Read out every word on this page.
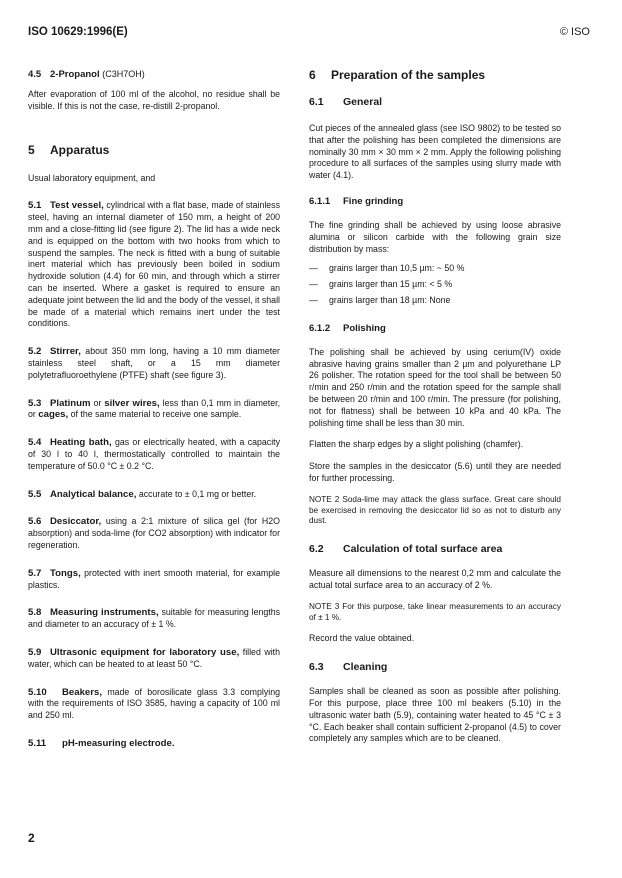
ISO 10629:1996(E)	© ISO
4.5 2-Propanol (C3H7OH)

After evaporation of 100 ml of the alcohol, no residue shall be visible. If this is not the case, re-distill 2-propanol.

5 Apparatus

Usual laboratory equipment, and

5.1 Test vessel, cylindrical with a flat base, made of stainless steel, having an internal diameter of 150 mm, a height of 200 mm and a close-fitting lid (see figure 2). The lid has a wide neck and is equipped on the bottom with two hooks from which to suspend the samples. The neck is fitted with a bung of suitable inert material which has previously been boiled in sodium hydroxide solution (4.4) for 60 min, and through which a stirrer can be inserted. Where a gasket is required to ensure an adequate joint between the lid and the body of the vessel, it shall be made of a material which remains inert under the test conditions.

5.2 Stirrer, about 350 mm long, having a 10 mm diameter stainless steel shaft, or a 15 mm diameter polytetrafluoroethylene (PTFE) shaft (see figure 3).

5.3 Platinum or silver wires, less than 0,1 mm in diameter, or cages, of the same material to receive one sample.

5.4 Heating bath, gas or electrically heated, with a capacity of 30 l to 40 l, thermostatically controlled to maintain the temperature of 50.0 °C ± 0.2 °C.

5.5 Analytical balance, accurate to ± 0,1 mg or better.

5.6 Desiccator, using a 2:1 mixture of silica gel (for H2O absorption) and soda-lime (for CO2 absorption) with indicator for regeneration.

5.7 Tongs, protected with inert smooth material, for example plastics.

5.8 Measuring instruments, suitable for measuring lengths and diameter to an accuracy of ± 1 %.

5.9 Ultrasonic equipment for laboratory use, filled with water, which can be heated to at least 50 °C.

5.10 Beakers, made of borosilicate glass 3.3 complying with the requirements of ISO 3585, having a capacity of 100 ml and 250 ml.

5.11 pH-measuring electrode.

6 Preparation of the samples
6.1 General

Cut pieces of the annealed glass (see ISO 9802) to be tested so that after the polishing has been completed the dimensions are nominally 30 mm × 30 mm × 2 mm. Apply the following polishing procedure to all surfaces of the samples using slurry made with water (4.1).

6.1.1 Fine grinding

The fine grinding shall be achieved by using loose abrasive alumina or silicon carbide with the following grain size distribution by mass:

— grains larger than 10,5 µm: ~ 50 %
— grains larger than 15 µm: < 5 %
— grains larger than 18 µm: None
6.1.2 Polishing

The polishing shall be achieved by using cerium(IV) oxide abrasive having grains smaller than 2 µm and polyurethane LP 26 polisher. The rotation speed for the tool shall be between 50 r/min and 250 r/min and the rotation speed for the sample shall be between 20 r/min and 100 r/min. The pressure (for polishing, not for flatness) shall be between 10 kPa and 40 kPa. The polishing time shall be less than 30 min.

Flatten the sharp edges by a slight polishing (chamfer).

Store the samples in the desiccator (5.6) until they are needed for further processing.

NOTE 2 Soda-lime may attack the glass surface. Great care should be exercised in removing the desiccator lid so as not to disturb any dust.

6.2 Calculation of total surface area

Measure all dimensions to the nearest 0,2 mm and calculate the actual total surface area to an accuracy of 2 %.

NOTE 3 For this purpose, take linear measurements to an accuracy of ± 1 %.

Record the value obtained.

6.3 Cleaning

Samples shall be cleaned as soon as possible after polishing. For this purpose, place three 100 ml beakers (5.10) in the ultrasonic water bath (5.9), containing water heated to 45 °C ± 3 °C. Each beaker shall contain sufficient 2-propanol (4.5) to cover completely any samples which are to be cleaned.

2
